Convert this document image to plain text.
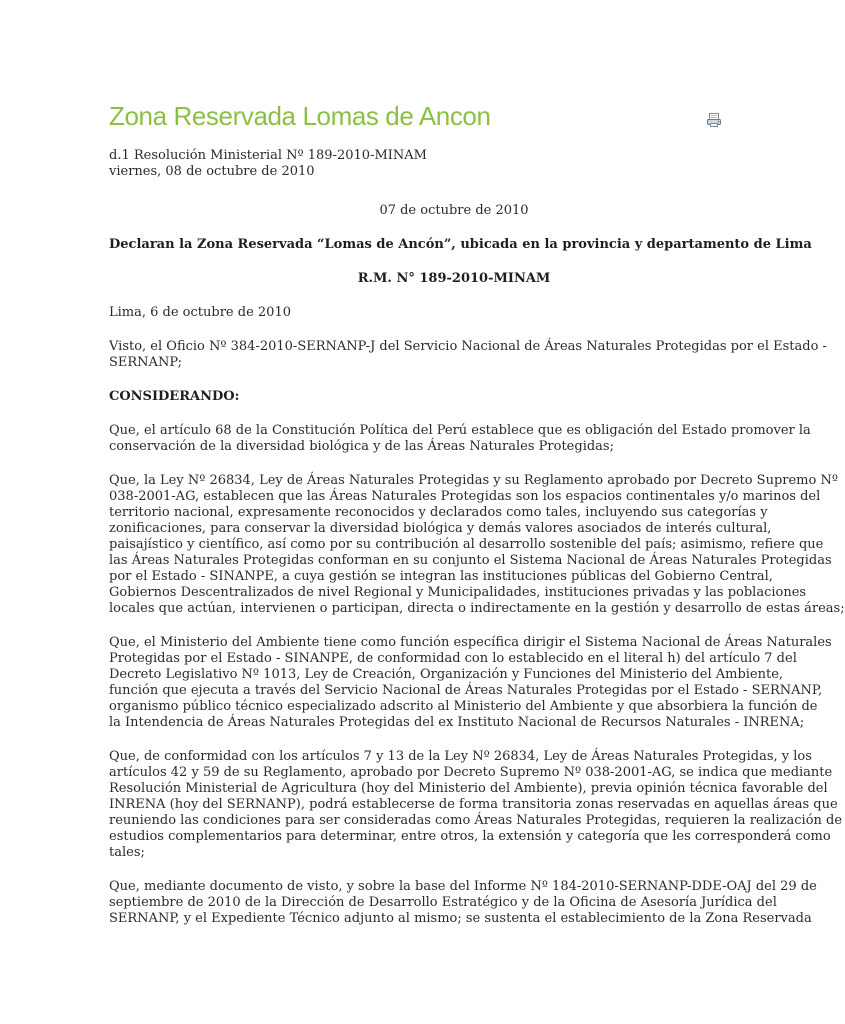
Zona Reservada Lomas de Ancon
d.1 Resolución Ministerial Nº 189-2010-MINAM
viernes, 08 de octubre de 2010

07 de octubre de 2010

Declaran la Zona Reservada “Lomas de Ancón”, ubicada en la provincia y departamento de Lima

R.M. N° 189-2010-MINAM

Lima, 6 de octubre de 2010

Visto, el Oficio Nº 384-2010-SERNANP-J del Servicio Nacional de Áreas Naturales Protegidas por el Estado -
SERNANP;

CONSIDERANDO:

Que, el artículo 68 de la Constitución Política del Perú establece que es obligación del Estado promover la
conservación de la diversidad biológica y de las Áreas Naturales Protegidas;

Que, la Ley Nº 26834, Ley de Áreas Naturales Protegidas y su Reglamento aprobado por Decreto Supremo Nº
038-2001-AG, establecen que las Áreas Naturales Protegidas son los espacios continentales y/o marinos del
territorio nacional, expresamente reconocidos y declarados como tales, incluyendo sus categorías y
zonificaciones, para conservar la diversidad biológica y demás valores asociados de interés cultural,
paisajístico y científico, así como por su contribución al desarrollo sostenible del país; asimismo, refiere que
las Áreas Naturales Protegidas conforman en su conjunto el Sistema Nacional de Áreas Naturales Protegidas
por el Estado - SINANPE, a cuya gestión se integran las instituciones públicas del Gobierno Central,
Gobiernos Descentralizados de nivel Regional y Municipalidades, instituciones privadas y las poblaciones
locales que actúan, intervienen o participan, directa o indirectamente en la gestión y desarrollo de estas áreas;

Que, el Ministerio del Ambiente tiene como función específica dirigir el Sistema Nacional de Áreas Naturales
Protegidas por el Estado - SINANPE, de conformidad con lo establecido en el literal h) del artículo 7 del
Decreto Legislativo Nº 1013, Ley de Creación, Organización y Funciones del Ministerio del Ambiente,
función que ejecuta a través del Servicio Nacional de Áreas Naturales Protegidas por el Estado - SERNANP,
organismo público técnico especializado adscrito al Ministerio del Ambiente y que absorbiera la función de
la Intendencia de Áreas Naturales Protegidas del ex Instituto Nacional de Recursos Naturales - INRENA;

Que, de conformidad con los artículos 7 y 13 de la Ley Nº 26834, Ley de Áreas Naturales Protegidas, y los
artículos 42 y 59 de su Reglamento, aprobado por Decreto Supremo Nº 038-2001-AG, se indica que mediante
Resolución Ministerial de Agricultura (hoy del Ministerio del Ambiente), previa opinión técnica favorable del
INRENA (hoy del SERNANP), podrá establecerse de forma transitoria zonas reservadas en aquellas áreas que
reuniendo las condiciones para ser consideradas como Áreas Naturales Protegidas, requieren la realización de
estudios complementarios para determinar, entre otros, la extensión y categoría que les corresponderá como
tales;

Que, mediante documento de visto, y sobre la base del Informe Nº 184-2010-SERNANP-DDE-OAJ del 29 de
septiembre de 2010 de la Dirección de Desarrollo Estratégico y de la Oficina de Asesoría Jurídica del
SERNANP, y el Expediente Técnico adjunto al mismo; se sustenta el establecimiento de la Zona Reservada
